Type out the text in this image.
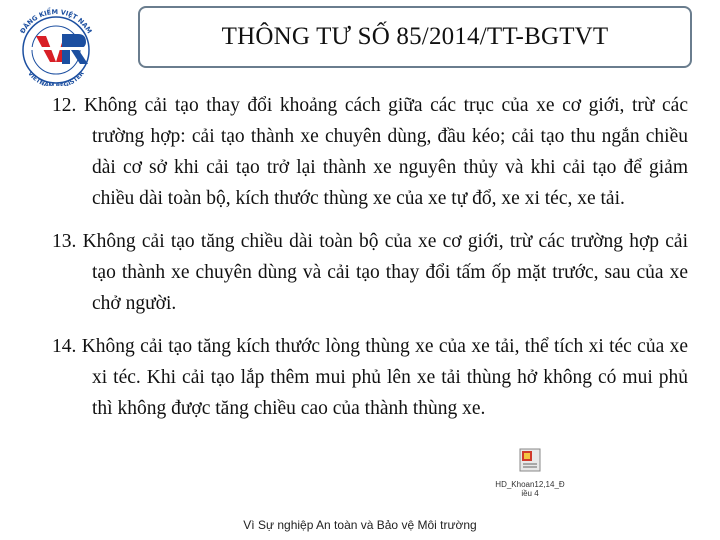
ĐĂNG KIỂM VIỆT NAM
VIETNA EGISTER
THÔNG TƯ SỐ 85/2014/TT-BGTVT

12. Không cải tạo thay đổi khoảng cách giữa các trục của xe cơ giới, trừ các trường hợp: cải tạo thành xe chuyên dùng, đầu kéo; cải tạo thu ngắn chiều dài cơ sở khi cải tạo trở lại thành xe nguyên thủy và khi cải tạo để giảm chiều dài toàn bộ, kích thước thùng xe của xe tự đổ, xe xi téc, xe tải.

13. Không cải tạo tăng chiều dài toàn bộ của xe cơ giới, trừ các trường hợp cải tạo thành xe chuyên dùng và cải tạo thay đổi tấm ốp mặt trước, sau của xe chở người.

14. Không cải tạo tăng kích thước lòng thùng xe của xe tải, thể tích xi téc của xe xi téc. Khi cải tạo lắp thêm mui phủ lên xe tải thùng hở không có mui phủ thì không được tăng chiều cao của thành thùng xe.

HD_Khoan12,14_Đ
iều 4
Vì Sự nghiệp An toàn và Bảo vệ Môi trường
